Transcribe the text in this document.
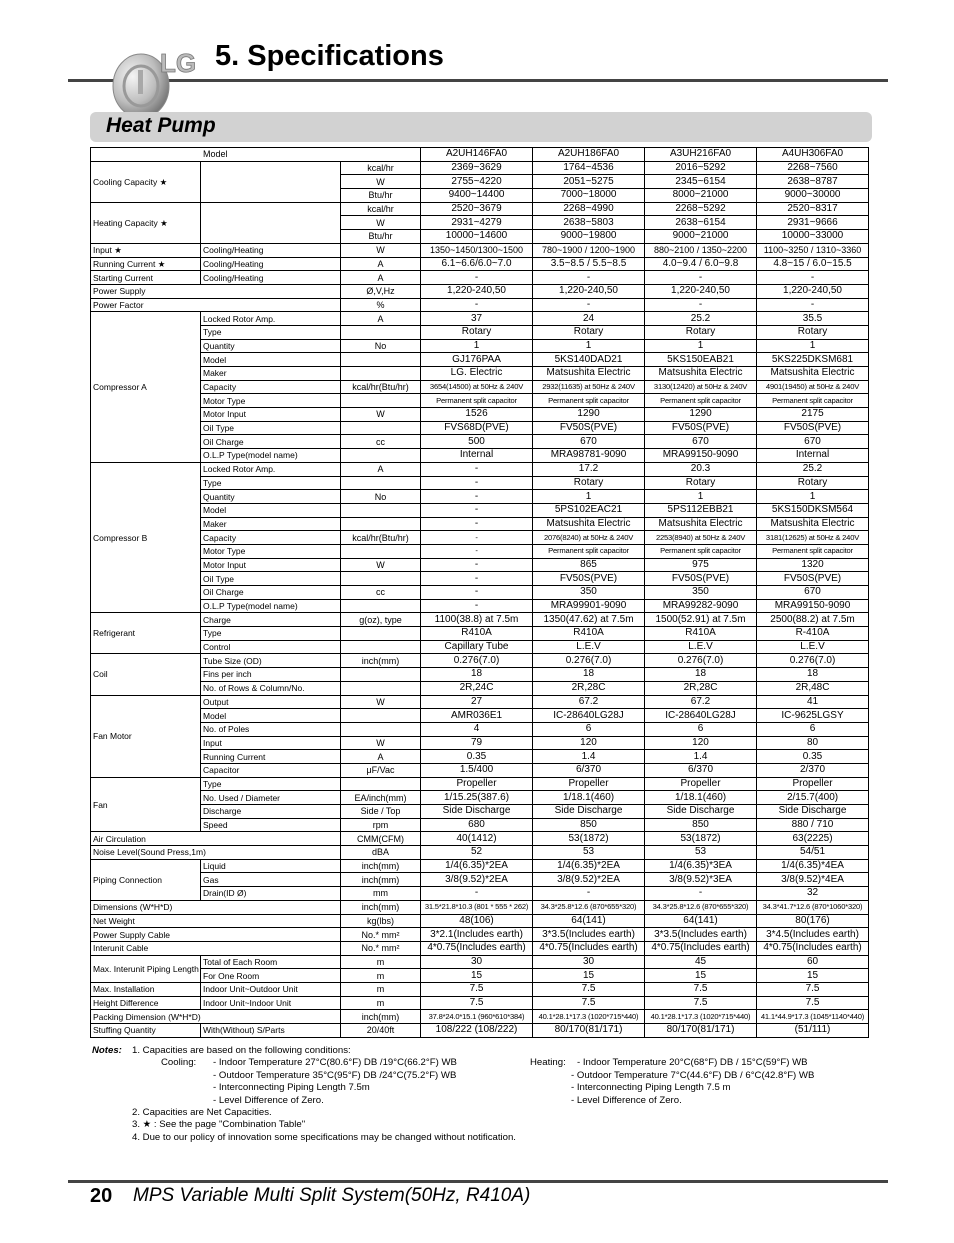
LG 5. Specifications
Heat Pump
Model			A2UH146FA0	A2UH186FA0	A3UH216FA0	A4UH306FA0
Cooling Capacity ★		kcal/hr	2369~3629	1764~4536	2016~5292	2268~7560
		W	2755~4220	2051~5275	2345~6154	2638~8787
		Btu/hr	9400~14400	7000~18000	8000~21000	9000~30000
Heating Capacity ★		kcal/hr	2520~3679	2268~4990	2268~5292	2520~8317
		W	2931~4279	2638~5803	2638~6154	2931~9666
		Btu/hr	10000~14600	9000~19800	9000~21000	10000~33000
Input ★	Cooling/Heating	W	1350~1450/1300~1500	780~1900 / 1200~1900	880~2100 / 1350~2200	1100~3250 / 1310~3360
Running Current ★	Cooling/Heating	A	6.1~6.6/6.0~7.0	3.5~8.5 / 5.5~8.5	4.0~9.4 / 6.0~9.8	4.8~15 / 6.0~15.5
Starting Current	Cooling/Heating	A	-	-	-	-
Power Supply		Ø,V,Hz	1,220-240,50	1,220-240,50	1,220-240,50	1,220-240,50
Power Factor		%	-	-	-	-
Compressor A	Locked Rotor Amp.	A	37	24	25.2	35.5
	Type		Rotary	Rotary	Rotary	Rotary
	Quantity	No	1	1	1	1
	Model		GJ176PAA	5KS140DAD21	5KS150EAB21	5KS225DKSM681
	Maker		LG. Electric	Matsushita Electric	Matsushita Electric	Matsushita Electric
	Capacity	kcal/hr(Btu/hr)	3654(14500) at 50Hz & 240V	2932(11635) at 50Hz & 240V	3130(12420) at 50Hz & 240V	4901(19450) at 50Hz & 240V
	Motor Type		Permanent split capacitor	Permanent split capacitor	Permanent split capacitor	Permanent split capacitor
	Motor Input	W	1526	1290	1290	2175
	Oil Type		FVS68D(PVE)	FV50S(PVE)	FV50S(PVE)	FV50S(PVE)
	Oil Charge	cc	500	670	670	670
	O.L.P Type(model name)		Internal	MRA98781-9090	MRA99150-9090	Internal
Compressor B	Locked Rotor Amp.	A	-	17.2	20.3	25.2
	Type		-	Rotary	Rotary	Rotary
	Quantity	No	-	1	1	1
	Model		-	5PS102EAC21	5PS112EBB21	5KS150DKSM564
	Maker		-	Matsushita Electric	Matsushita Electric	Matsushita Electric
	Capacity	kcal/hr(Btu/hr)	-	2076(8240) at 50Hz & 240V	2253(8940) at 50Hz & 240V	3181(12625) at 50Hz & 240V
	Motor Type		-	Permanent split capacitor	Permanent split capacitor	Permanent split capacitor
	Motor Input	W	-	865	975	1320
	Oil Type		-	FV50S(PVE)	FV50S(PVE)	FV50S(PVE)
	Oil Charge	cc	-	350	350	670
	O.L.P Type(model name)		-	MRA99901-9090	MRA99282-9090	MRA99150-9090
Refrigerant	Charge	g(oz), type	1100(38.8) at 7.5m	1350(47.62) at 7.5m	1500(52.91) at 7.5m	2500(88.2) at 7.5m
	Type		R410A	R410A	R410A	R-410A
	Control		Capillary Tube	L.E.V	L.E.V	L.E.V
Coil	Tube Size (OD)	inch(mm)	0.276(7.0)	0.276(7.0)	0.276(7.0)	0.276(7.0)
	Fins per inch		18	18	18	18
	No. of Rows & Column/No.		2R,24C	2R,28C	2R,28C	2R,48C
Fan Motor	Output	W	27	67.2	67.2	41
	Model		AMR036E1	IC-28640LG28J	IC-28640LG28J	IC-9625LGSY
	No. of Poles		4	6	6	6
	Input	W	79	120	120	80
	Running Current	A	0.35	1.4	1.4	0.35
	Capacitor	μF/Vac	1.5/400	6/370	6/370	2/370
Fan	Type		Propeller	Propeller	Propeller	Propeller
	No. Used / Diameter	EA/inch(mm)	1/15.25(387.6)	1/18.1(460)	1/18.1(460)	2/15.7(400)
	Discharge	Side / Top	Side Discharge	Side Discharge	Side Discharge	Side Discharge
	Speed	rpm	680	850	850	880 / 710
Air Circulation		CMM(CFM)	40(1412)	53(1872)	53(1872)	63(2225)
Noise Level(Sound Press,1m)		dBA	52	53	53	54/51
Piping Connection	Liquid	inch(mm)	1/4(6.35)*2EA	1/4(6.35)*2EA	1/4(6.35)*3EA	1/4(6.35)*4EA
	Gas	inch(mm)	3/8(9.52)*2EA	3/8(9.52)*2EA	3/8(9.52)*3EA	3/8(9.52)*4EA
	Drain(ID Ø)	mm	-	-	-	32
Dimensions (W*H*D)		inch(mm)	31.5*21.8*10.3 (801 * 555 * 262)	34.3*25.8*12.6 (870*655*320)	34.3*25.8*12.6 (870*655*320)	34.3*41.7*12.6 (870*1060*320)
Net Weight		kg(lbs)	48(106)	64(141)	64(141)	80(176)
Power Supply Cable		No.* mm²	3*2.1(Includes earth)	3*3.5(Includes earth)	3*3.5(Includes earth)	3*4.5(Includes earth)
Interunit Cable		No.* mm²	4*0.75(Includes earth)	4*0.75(Includes earth)	4*0.75(Includes earth)	4*0.75(Includes earth)
Max. Interunit Piping Length	Total of Each Room	m	30	30	45	60
	For One Room	m	15	15	15	15
Max. Installation	Indoor Unit~Outdoor Unit	m	7.5	7.5	7.5	7.5
Height Difference	Indoor Unit~Indoor Unit	m	7.5	7.5	7.5	7.5
Packing Dimension (W*H*D)		inch(mm)	37.8*24.0*15.1 (960*610*384)	40.1*28.1*17.3 (1020*715*440)	40.1*28.1*17.3 (1020*715*440)	41.1*44.9*17.3 (1045*1140*440)
Stuffing Quantity	With(Without) S/Parts	20/40ft	108/222 (108/222)	80/170(81/171)	80/170(81/171)	(51/111)
Notes: 1. Capacities are based on the following conditions:
Cooling: - Indoor Temperature 27°C(80.6°F) DB /19°C(66.2°F) WB
- Outdoor Temperature 35°C(95°F) DB /24°C(75.2°F) WB
- Interconnecting Piping Length 7.5m
- Level Difference of Zero.
Heating: - Indoor Temperature 20°C(68°F) DB / 15°C(59°F) WB
- Outdoor Temperature 7°C(44.6°F) DB / 6°C(42.8°F) WB
- Interconnecting Piping Length 7.5 m
- Level Difference of Zero.
2. Capacities are Net Capacities.
3. ★ : See the page "Combination Table"
4. Due to our policy of innovation some specifications may be changed without notification.
20 MPS Variable Multi Split System(50Hz, R410A)
